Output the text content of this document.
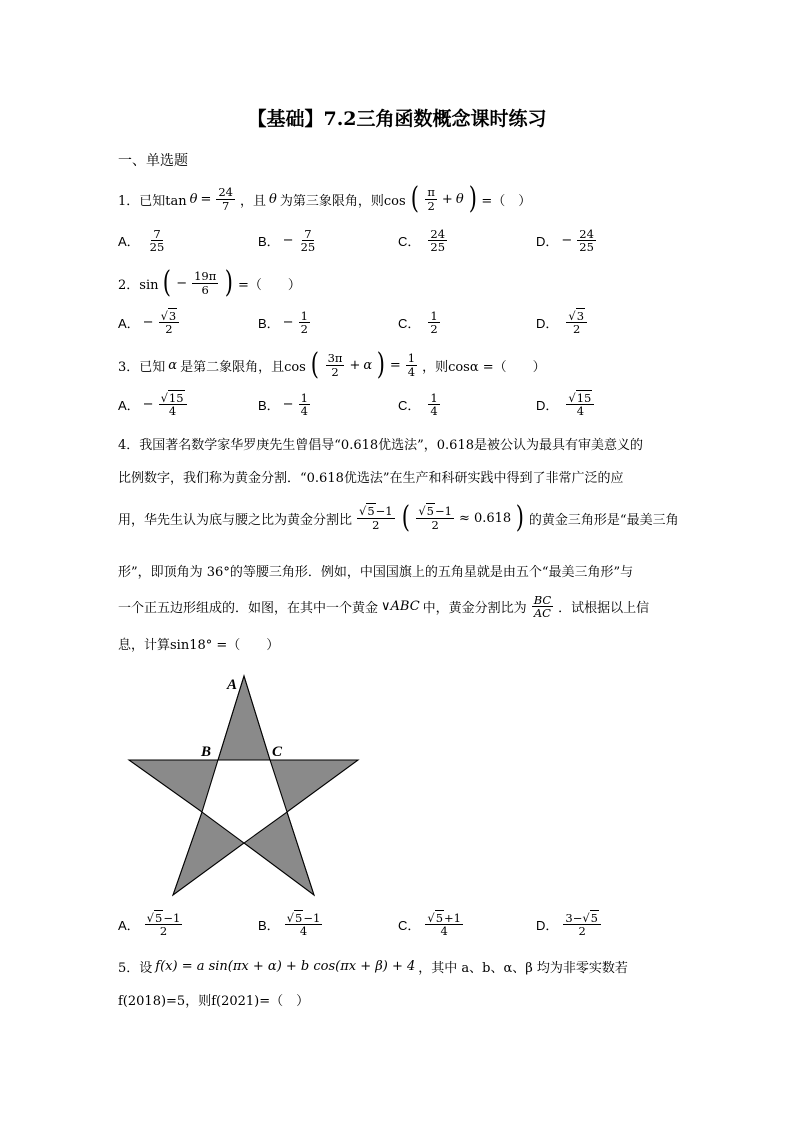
【基础】7.2三角函数概念课时练习
一、单选题
1．已知$\tan \theta = \frac{24}{7}$ ，且 θ 为第三象限角，则cos ( $\frac{\pi}{2} + \theta$ ) =（　）
A． $\frac{7}{25}$	B． − $\frac{7}{25}$	C． $\frac{24}{25}$	D． − $\frac{24}{25}$
2．sin ( − $\frac{19\pi}{6}$ ) =（　　）
A． − $\frac{√3}{2}$	B． − $\frac{1}{2}$	C． $\frac{1}{2}$	D． $\frac{√3}{2}$
3．已知 α 是第二象限角，且cos ( $\frac{3\pi}{2} + \alpha$ ) = $\frac{1}{4}$ ，则cosα =（　　）
A． − $\frac{√15}{4}$	B． − $\frac{1}{4}$	C． $\frac{1}{4}$	D． $\frac{√15}{4}$
4．我国著名数学家华罗庚先生曾倡导“0.618优选法”，0.618是被公认为最具有审美意义的
比例数字，我们称为黄金分割．“0.618优选法”在生产和科研实践中得到了非常广泛的应
用，华先生认为底与腰之比为黄金分割比 $\frac{√5-1}{2}$ ( $\frac{√5-1}{2} \approx 0.618$ ) 的黄金三角形是“最美三角
形”，即顶角为 36°的等腰三角形．例如，中国国旗上的五角星就是由五个“最美三角形”与
一个正五边形组成的．如图，在其中一个黄金 ∨ABC 中，黄金分割比为 $\frac{BC}{AC}$ ．试根据以上信
息，计算sin18° =（　　）
A
B	C
A． $\frac{√5-1}{2}$	B． $\frac{√5-1}{4}$	C． $\frac{√5+1}{4}$	D． $\frac{3-√5}{2}$
5．设 f(x) = a sin(πx + α) + b cos(πx + β) + 4 ，其中 a、b、α、β 均为非零实数若
f(2018)=5，则f(2021)=（　）
